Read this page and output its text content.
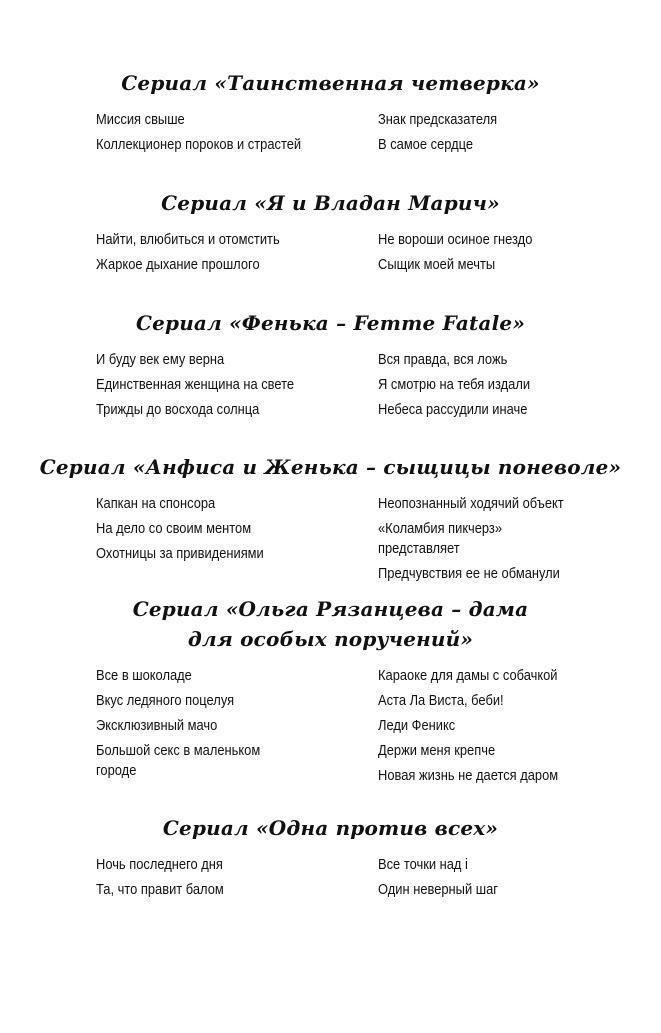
Сериал «Таинственная четверка»
Миссия свыше
Коллекционер пороков и страстей
Знак предсказателя
В самое сердце
Сериал «Я и Владан Марич»
Найти, влюбиться и отомстить
Жаркое дыхание прошлого
Не вороши осиное гнездо
Сыщик моей мечты
Сериал «Фенька – Femme Fatale»
И буду век ему верна
Единственная женщина на свете
Трижды до восхода солнца
Вся правда, вся ложь
Я смотрю на тебя издали
Небеса рассудили иначе
Сериал «Анфиса и Женька – сыщицы поневоле»
Капкан на спонсора
На дело со своим ментом
Охотницы за привидениями
Неопознанный ходячий объект
«Коламбия пикчерз» представляет
Предчувствия ее не обманули
Сериал «Ольга Рязанцева – дама
для особых поручений»
Все в шоколаде
Вкус ледяного поцелуя
Эксклюзивный мачо
Большой секс в маленьком городе
Караоке для дамы с собачкой
Аста Ла Виста, беби!
Леди Феникс
Держи меня крепче
Новая жизнь не дается даром
Сериал «Одна против всех»
Ночь последнего дня
Та, что правит балом
Все точки над i
Один неверный шаг
